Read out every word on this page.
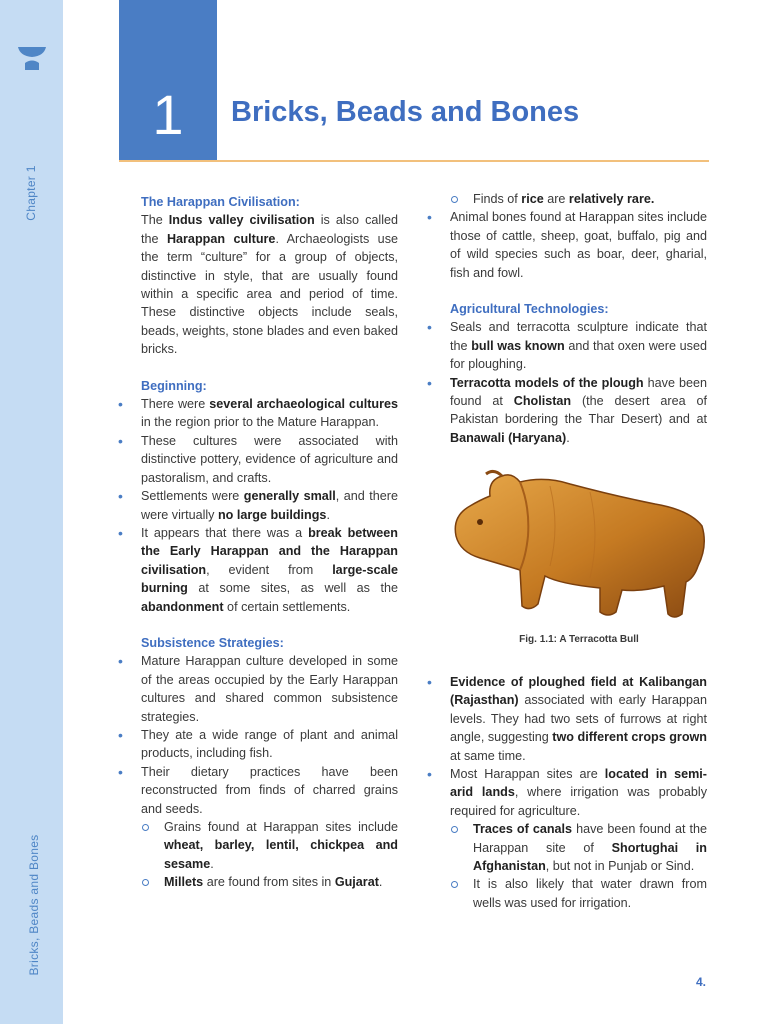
Chapter 1
Bricks, Beads and Bones
1	Bricks, Beads and Bones
The Harappan Civilisation:

The Indus valley civilisation is also called the Harappan culture. Archaeologists use the term “culture” for a group of objects, distinctive in style, that are usually found within a specific area and period of time. These distinctive objects include seals, beads, weights, stone blades and even baked bricks.

Beginning:
• There were several archaeological cultures in the region prior to the Mature Harappan.
• These cultures were associated with distinctive pottery, evidence of agriculture and pastoralism, and crafts.
• Settlements were generally small, and there were virtually no large buildings.
• It appears that there was a break between the Early Harappan and the Harappan civilisation, evident from large-scale burning at some sites, as well as the abandonment of certain settlements.
Subsistence Strategies:
• Mature Harappan culture developed in some of the areas occupied by the Early Harappan cultures and shared common subsistence strategies.
• They ate a wide range of plant and animal products, including fish.
• Their dietary practices have been reconstructed from finds of charred grains and seeds.
Grains found at Harappan sites include wheat, barley, lentil, chickpea and sesame.
Millets are found from sites in Gujarat.
Finds of rice are relatively rare.
• Animal bones found at Harappan sites include those of cattle, sheep, goat, buffalo, pig and of wild species such as boar, deer, gharial, fish and fowl.
Agricultural Technologies:
• Seals and terracotta sculpture indicate that the bull was known and that oxen were used for ploughing.
• Terracotta models of the plough have been found at Cholistan (the desert area of Pakistan bordering the Thar Desert) and at Banawali (Haryana).
Fig. 1.1: A Terracotta Bull
• Evidence of ploughed field at Kalibangan (Rajasthan) associated with early Harappan levels. They had two sets of furrows at right angle, suggesting two different crops grown at same time.
• Most Harappan sites are located in semi-arid lands, where irrigation was probably required for agriculture.
Traces of canals have been found at the Harappan site of Shortughai in Afghanistan, but not in Punjab or Sind.
It is also likely that water drawn from wells was used for irrigation.
4.
